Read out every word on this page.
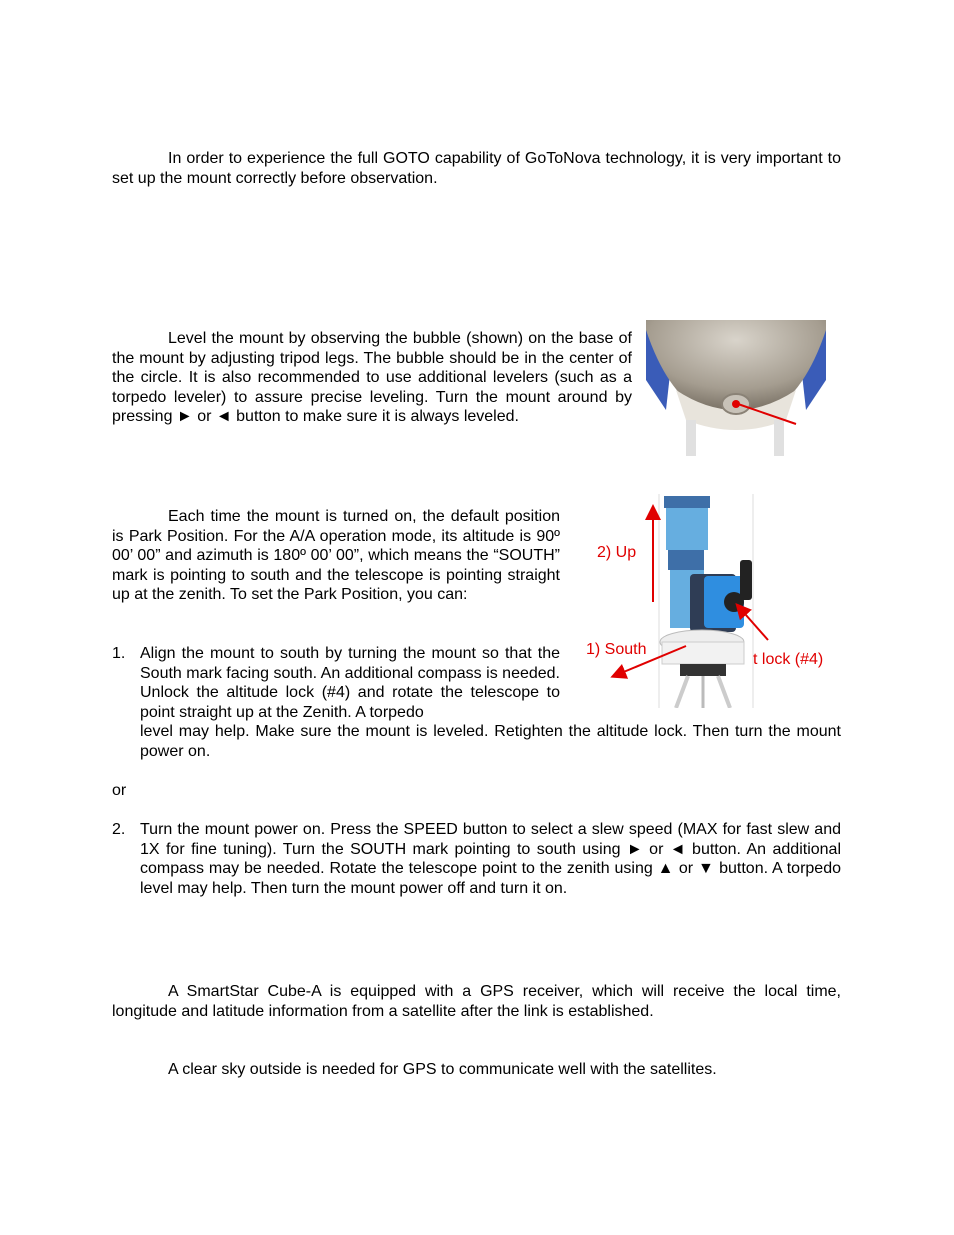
In order to experience the full GOTO capability of GoToNova technology, it is very important to set up the mount correctly before observation.

Level the mount by observing the bubble (shown) on the base of the mount by adjusting tripod legs. The bubble should be in the center of the circle. It is also recommended to use additional levelers (such as a torpedo leveler) to assure precise leveling. Turn the mount around by pressing ► or ◄ button to make sure it is always leveled.

Each time the mount is turned on, the default position is Park Position. For the A/A operation mode, its altitude is 90º 00’ 00” and azimuth is 180º 00’ 00”, which means the “SOUTH” mark is pointing to south and the telescope is pointing straight up at the zenith. To set the Park Position, you can:

1. Align the mount to south by turning the mount so that the South mark facing south. An additional compass is needed. Unlock the altitude lock (#4) and rotate the telescope to point straight up at the Zenith. A torpedo

level may help. Make sure the mount is leveled. Retighten the altitude lock. Then turn the mount power on.

or
2. Turn the mount power on. Press the SPEED button to select a slew speed (MAX for fast slew and 1X for fine tuning). Turn the SOUTH mark pointing to south using ► or ◄ button. An additional compass may be needed. Rotate the telescope point to the zenith using ▲ or ▼ button. A torpedo level may help. Then turn the mount power off and turn it on.

2) Up
1) South
t lock (#4)

A SmartStar Cube-A is equipped with a GPS receiver, which will receive the local time, longitude and latitude information from a satellite after the link is established.

A clear sky outside is needed for GPS to communicate well with the satellites.
